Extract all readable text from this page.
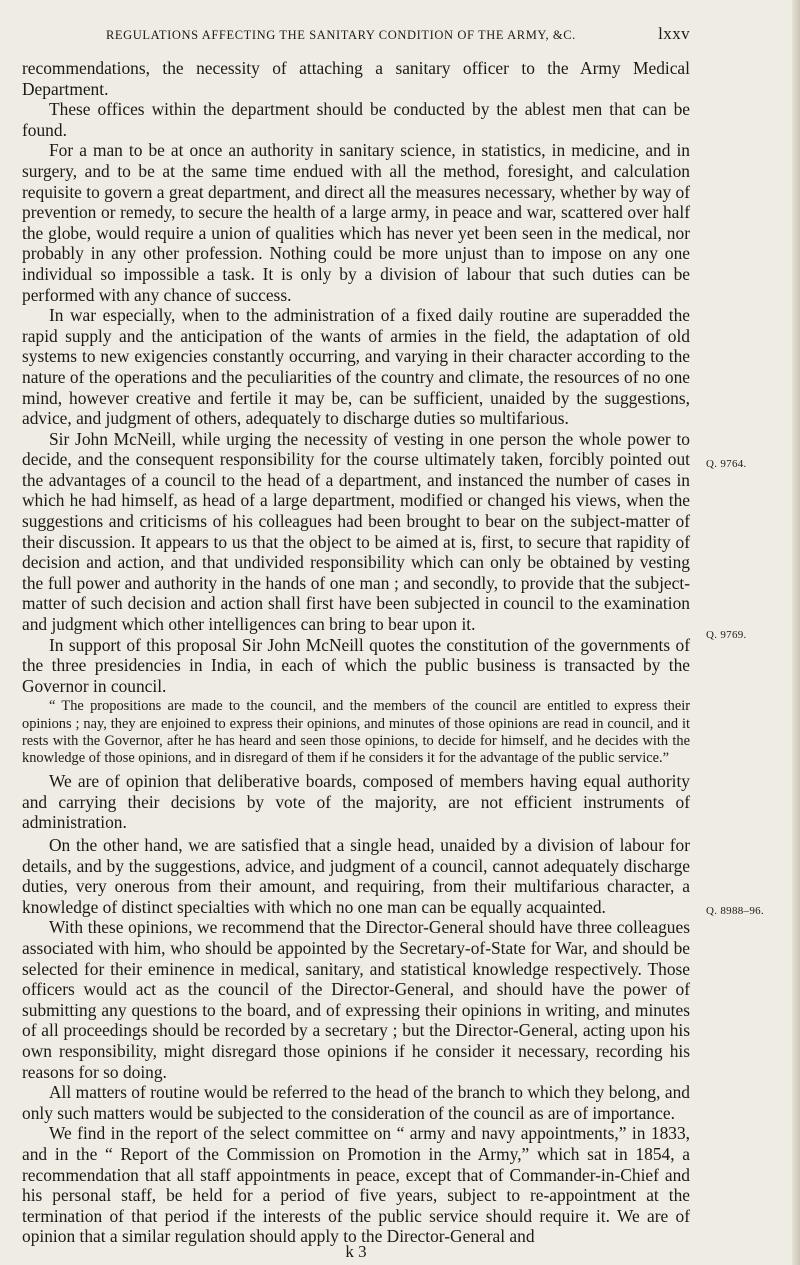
REGULATIONS AFFECTING THE SANITARY CONDITION OF THE ARMY, &C.	lxxv

recommendations, the necessity of attaching a sanitary officer to the Army Medical Department.

These offices within the department should be conducted by the ablest men that can be found.

For a man to be at once an authority in sanitary science, in statistics, in medicine, and in surgery, and to be at the same time endued with all the method, foresight, and calculation requisite to govern a great department, and direct all the measures necessary, whether by way of prevention or remedy, to secure the health of a large army, in peace and war, scattered over half the globe, would require a union of qualities which has never yet been seen in the medical, nor probably in any other profession. Nothing could be more unjust than to impose on any one individual so impossible a task. It is only by a division of labour that such duties can be performed with any chance of success.

In war especially, when to the administration of a fixed daily routine are superadded the rapid supply and the anticipation of the wants of armies in the field, the adaptation of old systems to new exigencies constantly occurring, and varying in their character according to the nature of the operations and the peculiarities of the country and climate, the resources of no one mind, however creative and fertile it may be, can be sufficient, unaided by the suggestions, advice, and judgment of others, adequately to discharge duties so multifarious.

Sir John McNeill, while urging the necessity of vesting in one person the whole power to decide, and the consequent responsibility for the course ultimately taken, forcibly pointed out the advantages of a council to the head of a department, and instanced the number of cases in which he had himself, as head of a large department, modified or changed his views, when the suggestions and criticisms of his colleagues had been brought to bear on the subject-matter of their discussion. It appears to us that the object to be aimed at is, first, to secure that rapidity of decision and action, and that undivided responsibility which can only be obtained by vesting the full power and authority in the hands of one man ; and secondly, to provide that the subject-matter of such decision and action shall first have been subjected in council to the examination and judgment which other intelligences can bring to bear upon it.

In support of this proposal Sir John McNeill quotes the constitution of the governments of the three presidencies in India, in each of which the public business is transacted by the Governor in council.

“ The propositions are made to the council, and the members of the council are entitled to express their opinions ; nay, they are enjoined to express their opinions, and minutes of those opinions are read in council, and it rests with the Governor, after he has heard and seen those opinions, to decide for himself, and he decides with the knowledge of those opinions, and in disregard of them if he considers it for the advantage of the public service.”

We are of opinion that deliberative boards, composed of members having equal authority and carrying their decisions by vote of the majority, are not efficient instruments of administration.

On the other hand, we are satisfied that a single head, unaided by a division of labour for details, and by the suggestions, advice, and judgment of a council, cannot adequately discharge duties, very onerous from their amount, and requiring, from their multifarious character, a knowledge of distinct specialties with which no one man can be equally acquainted.

With these opinions, we recommend that the Director-General should have three colleagues associated with him, who should be appointed by the Secretary-of-State for War, and should be selected for their eminence in medical, sanitary, and statistical knowledge respectively. Those officers would act as the council of the Director-General, and should have the power of submitting any questions to the board, and of expressing their opinions in writing, and minutes of all proceedings should be recorded by a secretary ; but the Director-General, acting upon his own responsibility, might disregard those opinions if he consider it necessary, recording his reasons for so doing.

All matters of routine would be referred to the head of the branch to which they belong, and only such matters would be subjected to the consideration of the council as are of importance.

We find in the report of the select committee on “ army and navy appointments,” in 1833, and in the “ Report of the Commission on Promotion in the Army,” which sat in 1854, a recommendation that all staff appointments in peace, except that of Commander-in-Chief and his personal staff, be held for a period of five years, subject to re-appointment at the termination of that period if the interests of the public service should require it. We are of opinion that a similar regulation should apply to the Director-General and

Q. 9764.
Q. 9769.
Q. 8988–96.
k 3
